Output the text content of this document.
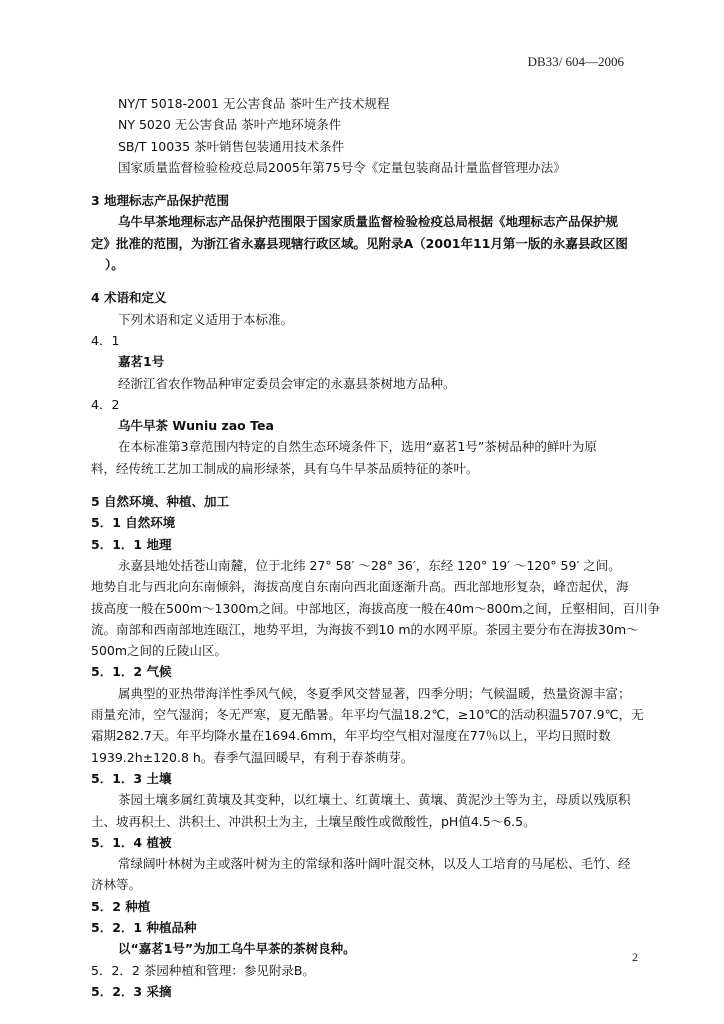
DB33/ 604—2006
NY/T 5018-2001 无公害食品 茶叶生产技术规程
NY 5020 无公害食品 茶叶产地环境条件
SB/T 10035 茶叶销售包装通用技术条件
国家质量监督检验检疫总局2005年第75号令《定量包装商品计量监督管理办法》
3 地理标志产品保护范围
乌牛早茶地理标志产品保护范围限于国家质量监督检验检疫总局根据《地理标志产品保护规
定》批准的范围，为浙江省永嘉县现辖行政区域。见附录A（2001年11月第一版的永嘉县政区图
）。
4 术语和定义
下列术语和定义适用于本标准。
4．1
嘉茗1号
经浙江省农作物品种审定委员会审定的永嘉县茶树地方品种。
4．2
乌牛早茶 Wuniu zao Tea
在本标准第3章范围内特定的自然生态环境条件下，选用“嘉茗1号”茶树品种的鲜叶为原
料，经传统工艺加工制成的扁形绿茶，具有乌牛早茶品质特征的茶叶。
5 自然环境、种植、加工
5．1 自然环境
5．1．1 地理
永嘉县地处括苍山南麓，位于北纬 27° 58′ ～28° 36′，东经 120° 19′ ～120° 59′ 之间。
地势自北与西北向东南倾斜，海拔高度自东南向西北面逐渐升高。西北部地形复杂，峰峦起伏，海
拔高度一般在500m～1300m之间。中部地区，海拔高度一般在40m～800m之间，丘壑相间，百川争
流。南部和西南部地连瓯江，地势平坦，为海拔不到10 m的水网平原。茶园主要分布在海拔30m～
500m之间的丘陵山区。
5．1．2 气候
属典型的亚热带海洋性季风气候，冬夏季风交替显著，四季分明；气候温暖，热量资源丰富；
雨量充沛，空气湿润；冬无严寒，夏无酷暑。年平均气温18.2℃，≥10℃的活动积温5707.9℃，无
霜期282.7天。年平均降水量在1694.6mm，年平均空气相对湿度在77％以上，平均日照时数
1939.2h±120.8 h。春季气温回暖早，有利于春茶萌芽。
5．1．3 土壤
茶园土壤多属红黄壤及其变种，以红壤土、红黄壤土、黄壤、黄泥沙土等为主，母质以残原积
土、坡再积土、洪积土、冲洪积土为主，土壤呈酸性或微酸性，pH值4.5～6.5。
5．1．4 植被
常绿阔叶林树为主或落叶树为主的常绿和落叶阔叶混交林，以及人工培育的马尾松、毛竹、经
济林等。
5．2 种植
5．2．1 种植品种
以“嘉茗1号”为加工乌牛早茶的茶树良种。
5．2．2 茶园种植和管理：参见附录B。
5．2．3 采摘
2
